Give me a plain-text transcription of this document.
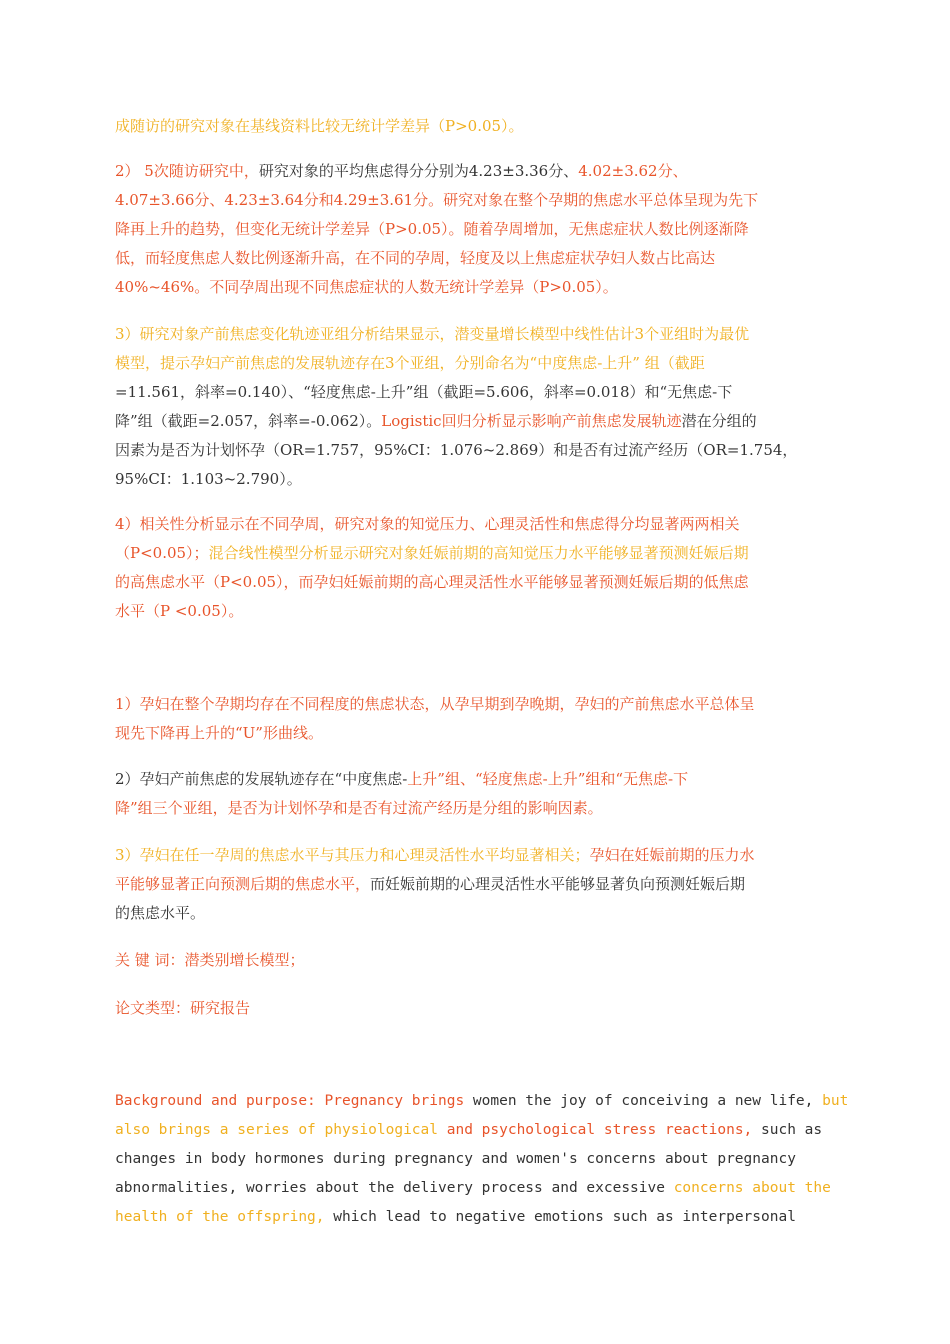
成随访的研究对象在基线资料比较无统计学差异（P>0.05）。
2） 5次随访研究中，研究对象的平均焦虑得分分别为4.23±3.36分、4.02±3.62分、
4.07±3.66分、4.23±3.64分和4.29±3.61分。研究对象在整个孕期的焦虑水平总体呈现为先下
降再上升的趋势，但变化无统计学差异（P>0.05）。随着孕周增加，无焦虑症状人数比例逐渐降
低，而轻度焦虑人数比例逐渐升高，在不同的孕周，轻度及以上焦虑症状孕妇人数占比高达
40%~46%。不同孕周出现不同焦虑症状的人数无统计学差异（P>0.05）。
3）研究对象产前焦虑变化轨迹亚组分析结果显示，潜变量增长模型中线性估计3个亚组时为最优
模型，提示孕妇产前焦虑的发展轨迹存在3个亚组，分别命名为“中度焦虑-上升” 组（截距
=11.561，斜率=0.140）、“轻度焦虑-上升”组（截距=5.606，斜率=0.018）和“无焦虑-下
降”组（截距=2.057，斜率=-0.062）。Logistic回归分析显示影响产前焦虑发展轨迹潜在分组的
因素为是否为计划怀孕（OR=1.757，95%CI：1.076~2.869）和是否有过流产经历（OR=1.754，
95%CI：1.103~2.790）。
4）相关性分析显示在不同孕周，研究对象的知觉压力、心理灵活性和焦虑得分均显著两两相关
（P<0.05）；混合线性模型分析显示研究对象妊娠前期的高知觉压力水平能够显著预测妊娠后期
的高焦虑水平（P<0.05），而孕妇妊娠前期的高心理灵活性水平能够显著预测妊娠后期的低焦虑
水平（P <0.05）。
1）孕妇在整个孕期均存在不同程度的焦虑状态，从孕早期到孕晚期，孕妇的产前焦虑水平总体呈
现先下降再上升的“U”形曲线。
2）孕妇产前焦虑的发展轨迹存在“中度焦虑-上升”组、“轻度焦虑-上升”组和“无焦虑-下
降”组三个亚组，是否为计划怀孕和是否有过流产经历是分组的影响因素。
3）孕妇在任一孕周的焦虑水平与其压力和心理灵活性水平均显著相关；孕妇在妊娠前期的压力水
平能够显著正向预测后期的焦虑水平，而妊娠前期的心理灵活性水平能够显著负向预测妊娠后期
的焦虑水平。
关 键 词：潜类别增长模型；
论文类型：研究报告
Background and purpose: Pregnancy brings women the joy of conceiving a new life, but
also brings a series of physiological and psychological stress reactions, such as
changes in body hormones during pregnancy and women's concerns about pregnancy
abnormalities, worries about the delivery process and excessive concerns about the
health of the offspring, which lead to negative emotions such as interpersonal
